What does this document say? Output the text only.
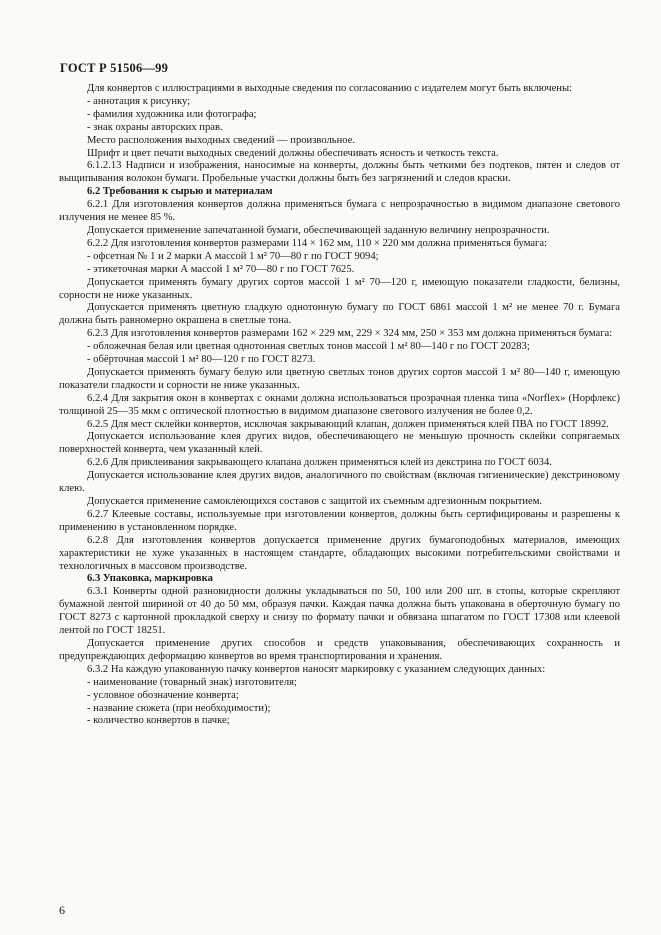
ГОСТ Р 51506—99

Для конвертов с иллюстрациями в выходные сведения по согласованию с издателем могут быть включены:

- аннотация к рисунку;

- фамилия художника или фотографа;

- знак охраны авторских прав.

Место расположения выходных сведений — произвольное.

Шрифт и цвет печати выходных сведений должны обеспечивать ясность и четкость текста.

6.1.2.13 Надписи и изображения, наносимые на конверты, должны быть четкими без подтеков, пятен и следов от выщипывания волокон бумаги. Пробельные участки должны быть без загрязнений и следов краски.

6.2 Требования к сырью и материалам

6.2.1 Для изготовления конвертов должна применяться бумага с непрозрачностью в видимом диапазоне светового излучения не менее 85 %.

Допускается применение запечатанной бумаги, обеспечивающей заданную величину непрозрачности.

6.2.2 Для изготовления конвертов размерами 114 × 162 мм, 110 × 220 мм должна применяться бумага:

- офсетная № 1 и 2 марки А массой 1 м² 70—80 г по ГОСТ 9094;

- этикеточная марки А массой 1 м² 70—80 г по ГОСТ 7625.

Допускается применять бумагу других сортов массой 1 м² 70—120 г, имеющую показатели гладкости, белизны, сорности не ниже указанных.

Допускается применять цветную гладкую однотонную бумагу по ГОСТ 6861 массой 1 м² не менее 70 г. Бумага должна быть равномерно окрашена в светлые тона.

6.2.3 Для изготовления конвертов размерами 162 × 229 мм, 229 × 324 мм, 250 × 353 мм должна применяться бумага:

- обложечная белая или цветная однотонная светлых тонов массой 1 м² 80—140 г по ГОСТ 20283;

- обёрточная массой 1 м² 80—120 г по ГОСТ 8273.

Допускается применять бумагу белую или цветную светлых тонов других сортов массой 1 м² 80—140 г, имеющую показатели гладкости и сорности не ниже указанных.

6.2.4 Для закрытия окон в конвертах с окнами должна использоваться прозрачная пленка типа «Norflex» (Норфлекс) толщиной 25—35 мкм с оптической плотностью в видимом диапазоне светового излучения не более 0,2.

6.2.5 Для мест склейки конвертов, исключая закрывающий клапан, должен применяться клей ПВА по ГОСТ 18992.

Допускается использование клея других видов, обеспечивающего не меньшую прочность склейки сопрягаемых поверхностей конверта, чем указанный клей.

6.2.6 Для приклеивания закрывающего клапана должен применяться клей из декстрина по ГОСТ 6034.

Допускается использование клея других видов, аналогичного по свойствам (включая гигиенические) декстриновому клею.

Допускается применение самоклеющихся составов с защитой их съемным адгезионным покрытием.

6.2.7 Клеевые составы, используемые при изготовлении конвертов, должны быть сертифицированы и разрешены к применению в установленном порядке.

6.2.8 Для изготовления конвертов допускается применение других бумагоподобных материалов, имеющих характеристики не хуже указанных в настоящем стандарте, обладающих высокими потребительскими свойствами и технологичных в массовом производстве.

6.3 Упаковка, маркировка

6.3.1 Конверты одной разновидности должны укладываться по 50, 100 или 200 шт. в стопы, которые скрепляют бумажной лентой шириной от 40 до 50 мм, образуя пачки. Каждая пачка должна быть упакована в оберточную бумагу по ГОСТ 8273 с картонной прокладкой сверху и снизу по формату пачки и обвязана шпагатом по ГОСТ 17308 или клеевой лентой по ГОСТ 18251.

Допускается применение других способов и средств упаковывания, обеспечивающих сохранность и предупреждающих деформацию конвертов во время транспортирования и хранения.

6.3.2 На каждую упакованную пачку конвертов наносят маркировку с указанием следующих данных:

- наименование (товарный знак) изготовителя;

- условное обозначение конверта;

- название сюжета (при необходимости);

- количество конвертов в пачке;

6
